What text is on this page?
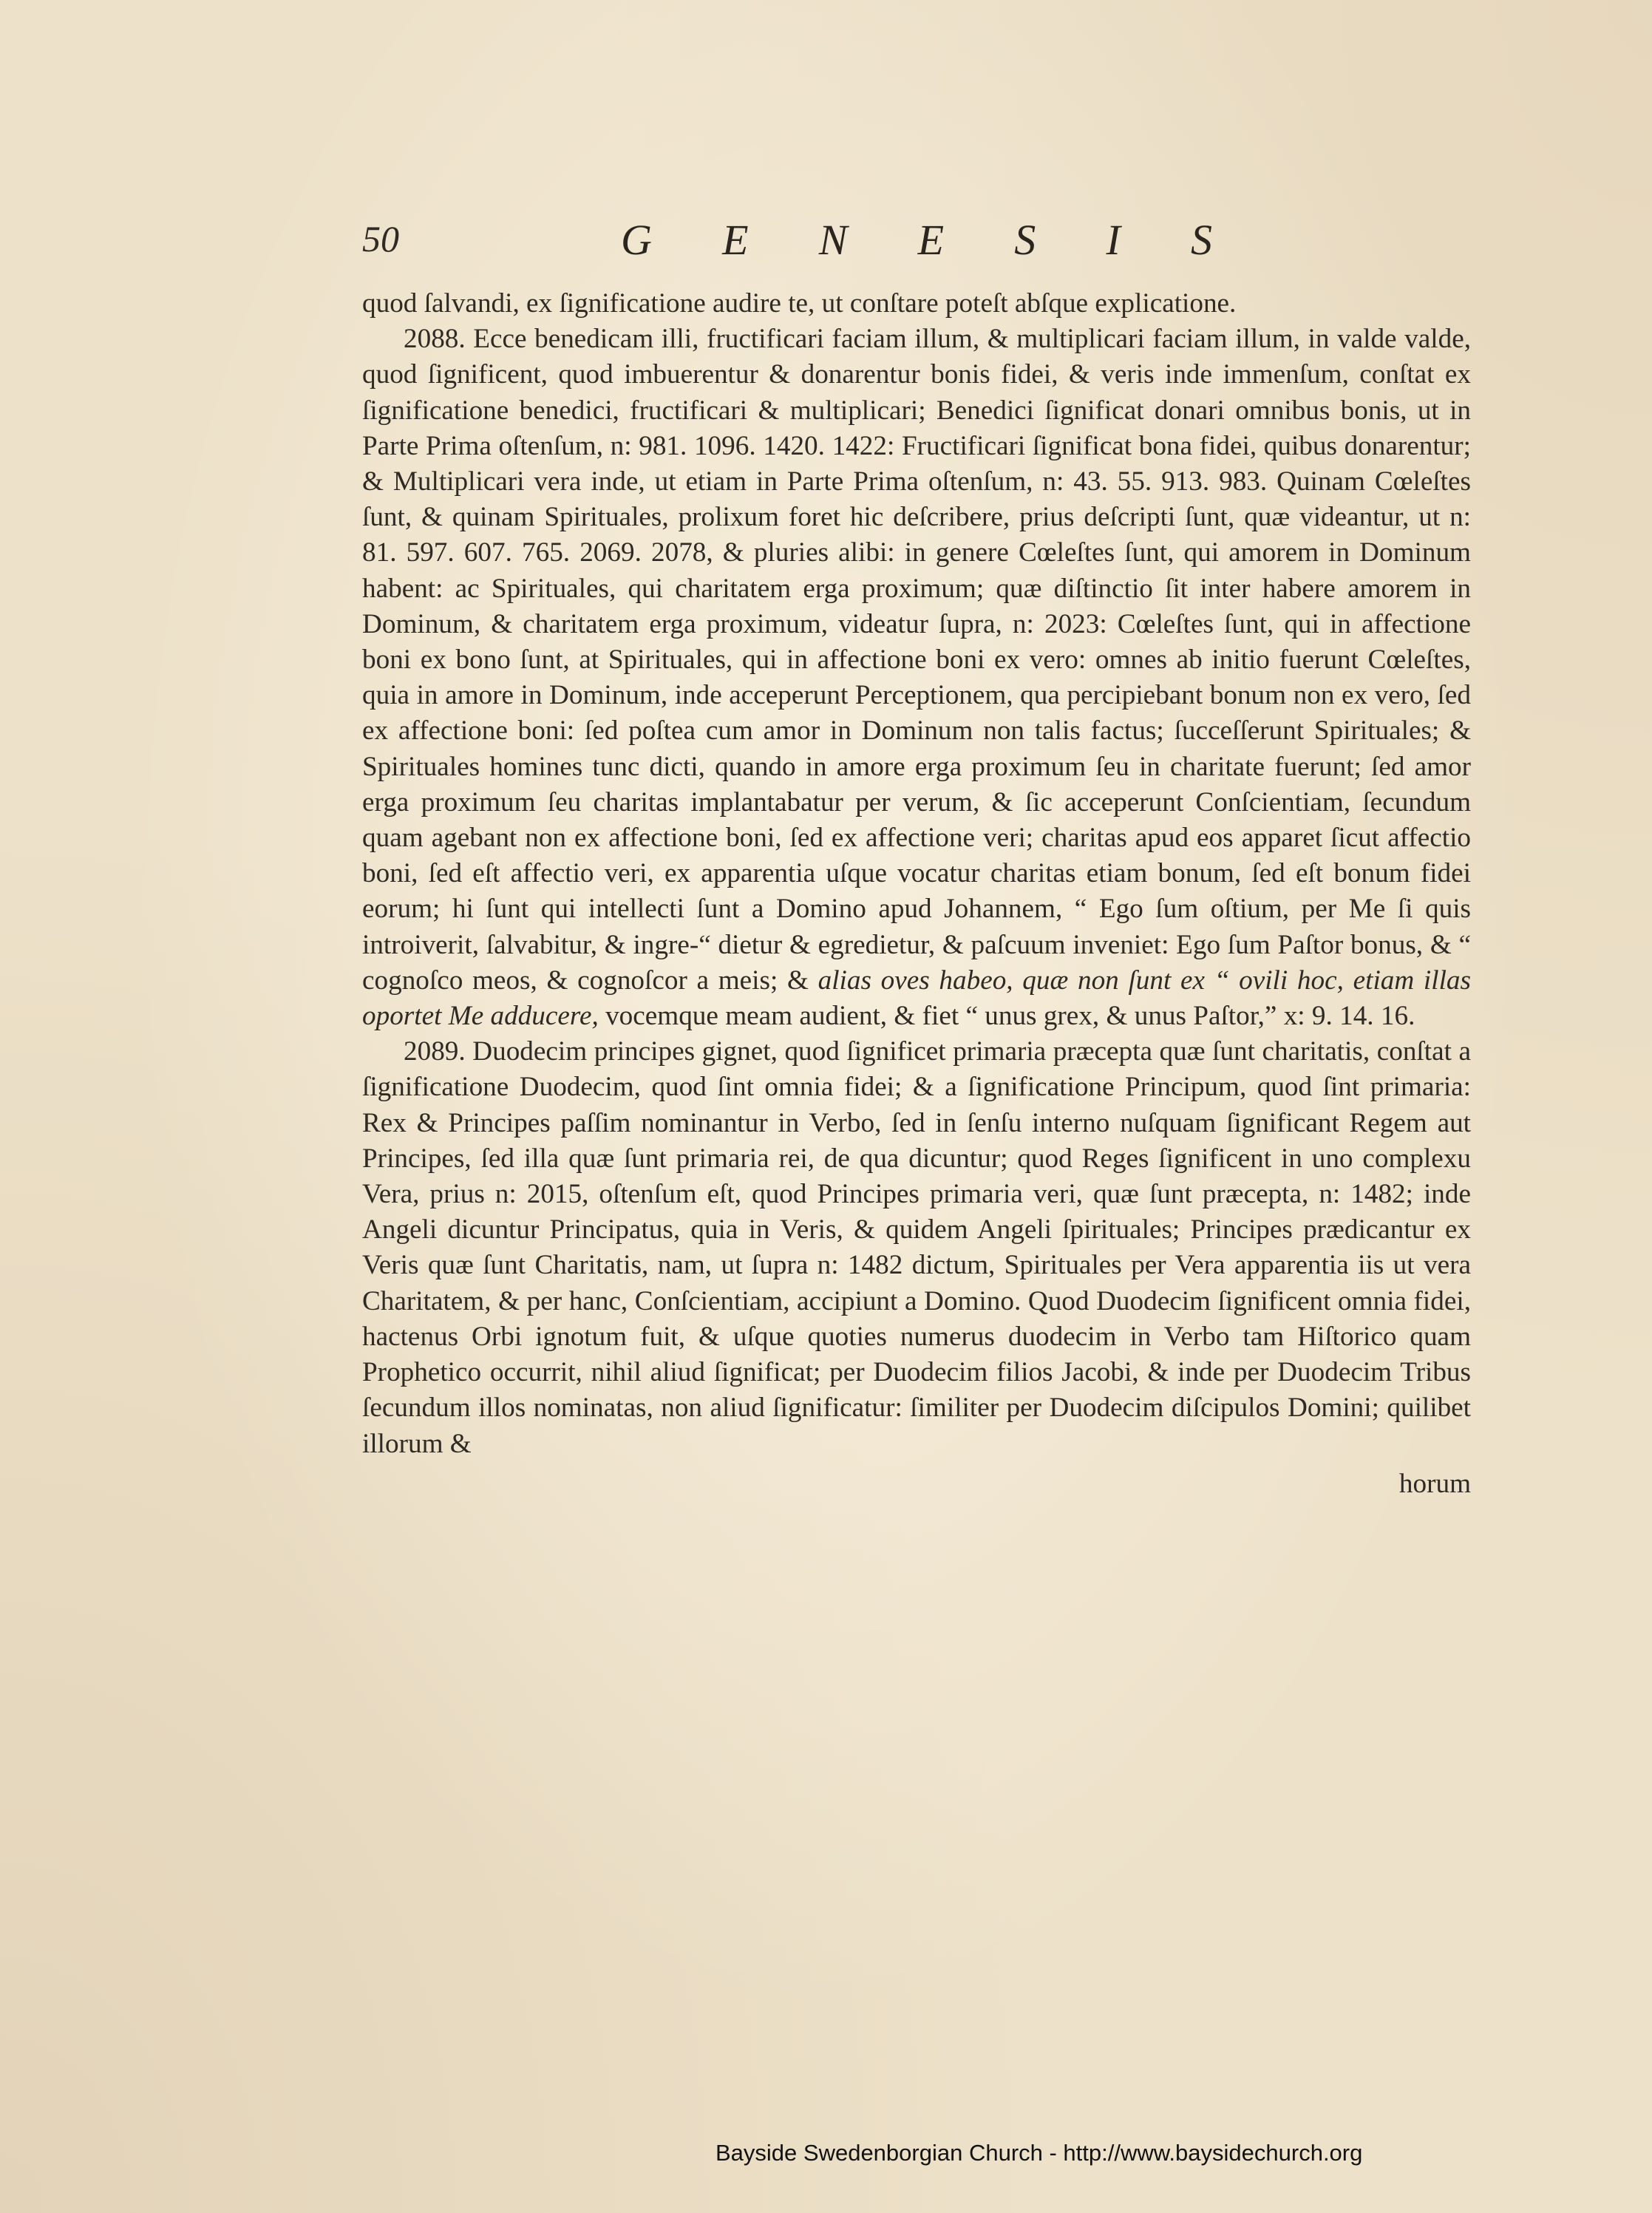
50	G E N E S I S

quod ſalvandi, ex ſignificatione audire te, ut conſtare poteſt abſque explicatione.

2088. Ecce benedicam illi, fructificari faciam illum, & multiplicari faciam illum, in valde valde, quod ſignificent, quod imbuerentur & donarentur bonis fidei, & veris inde immenſum, conſtat ex ſignificatione benedici, fructificari & multiplicari; Benedici ſignificat donari omnibus bonis, ut in Parte Prima oſtenſum, n: 981. 1096. 1420. 1422: Fructificari ſignificat bona fidei, quibus donarentur; & Multiplicari vera inde, ut etiam in Parte Prima oſtenſum, n: 43. 55. 913. 983. Quinam Cœleſtes ſunt, & quinam Spirituales, prolixum foret hic deſcribere, prius deſcripti ſunt, quæ videantur, ut n: 81. 597. 607. 765. 2069. 2078, & pluries alibi: in genere Cœleſtes ſunt, qui amorem in Dominum habent: ac Spirituales, qui charitatem erga proximum; quæ diſtinctio ſit inter habere amorem in Dominum, & charitatem erga proximum, videatur ſupra, n: 2023: Cœleſtes ſunt, qui in affectione boni ex bono ſunt, at Spirituales, qui in affectione boni ex vero: omnes ab initio fuerunt Cœleſtes, quia in amore in Dominum, inde acceperunt Perceptionem, qua percipiebant bonum non ex vero, ſed ex affectione boni: ſed poſtea cum amor in Dominum non talis factus; ſucceſſerunt Spirituales; & Spirituales homines tunc dicti, quando in amore erga proximum ſeu in charitate fuerunt; ſed amor erga proximum ſeu charitas implantabatur per verum, & ſic acceperunt Conſcientiam, ſecundum quam agebant non ex affectione boni, ſed ex affectione veri; charitas apud eos apparet ſicut affectio boni, ſed eſt affectio veri, ex apparentia uſque vocatur charitas etiam bonum, ſed eſt bonum fidei eorum; hi ſunt qui intellecti ſunt a Domino apud Johannem, “ Ego ſum oſtium, per Me ſi quis introiverit, ſalvabitur, & ingre-“ dietur & egredietur, & paſcuum inveniet: Ego ſum Paſtor bonus, & “ cognoſco meos, & cognoſcor a meis; & alias oves habeo, quæ non ſunt ex “ ovili hoc, etiam illas oportet Me adducere, vocemque meam audient, & fiet “ unus grex, & unus Paſtor,” x: 9. 14. 16.

2089. Duodecim principes gignet, quod ſignificet primaria præcepta quæ ſunt charitatis, conſtat a ſignificatione Duodecim, quod ſint omnia fidei; & a ſignificatione Principum, quod ſint primaria: Rex & Principes paſſim nominantur in Verbo, ſed in ſenſu interno nuſquam ſignificant Regem aut Principes, ſed illa quæ ſunt primaria rei, de qua dicuntur; quod Reges ſignificent in uno complexu Vera, prius n: 2015, oſtenſum eſt, quod Principes primaria veri, quæ ſunt præcepta, n: 1482; inde Angeli dicuntur Principatus, quia in Veris, & quidem Angeli ſpirituales; Principes prædicantur ex Veris quæ ſunt Charitatis, nam, ut ſupra n: 1482 dictum, Spirituales per Vera apparentia iis ut vera Charitatem, & per hanc, Conſcientiam, accipiunt a Domino. Quod Duodecim ſignificent omnia fidei, hactenus Orbi ignotum fuit, & uſque quoties numerus duodecim in Verbo tam Hiſtorico quam Prophetico occurrit, nihil aliud ſignificat; per Duodecim filios Jacobi, & inde per Duodecim Tribus ſecundum illos nominatas, non aliud ſignificatur: ſimiliter per Duodecim diſcipulos Domini; quilibet illorum &

horum
Bayside Swedenborgian Church - http://www.baysidechurch.org
